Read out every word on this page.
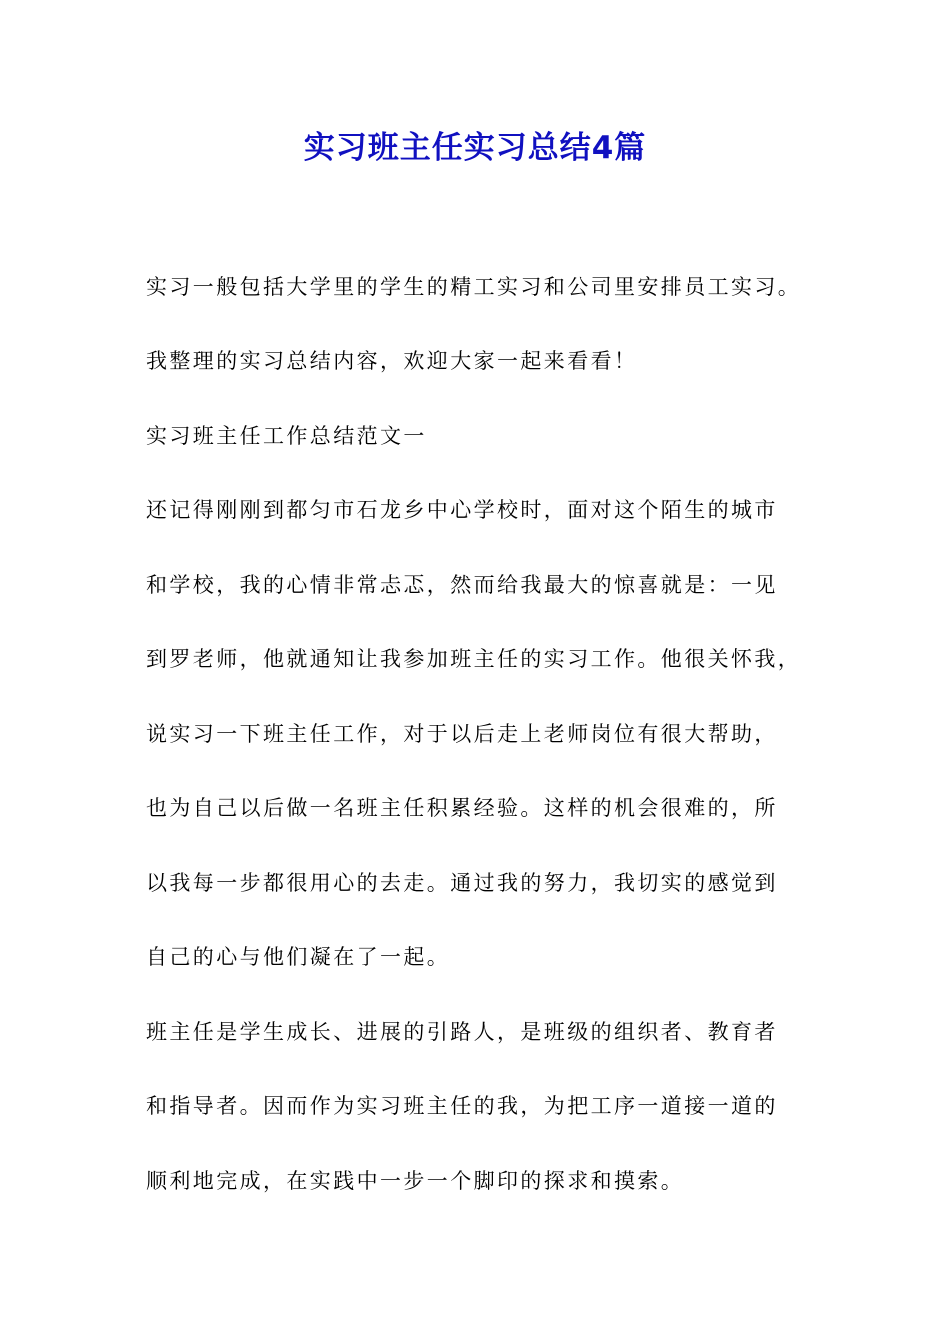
实习班主任实习总结4篇
实习一般包括大学里的学生的精工实习和公司里安排员工实习。
我整理的实习总结内容，欢迎大家一起来看看！
实习班主任工作总结范文一
还记得刚刚到都匀市石龙乡中心学校时，面对这个陌生的城市
和学校，我的心情非常忐忑，然而给我最大的惊喜就是：一见
到罗老师，他就通知让我参加班主任的实习工作。他很关怀我，
说实习一下班主任工作，对于以后走上老师岗位有很大帮助，
也为自己以后做一名班主任积累经验。这样的机会很难的，所
以我每一步都很用心的去走。通过我的努力，我切实的感觉到
自己的心与他们凝在了一起。
班主任是学生成长、进展的引路人，是班级的组织者、教育者
和指导者。因而作为实习班主任的我，为把工序一道接一道的
顺利地完成，在实践中一步一个脚印的探求和摸索。
